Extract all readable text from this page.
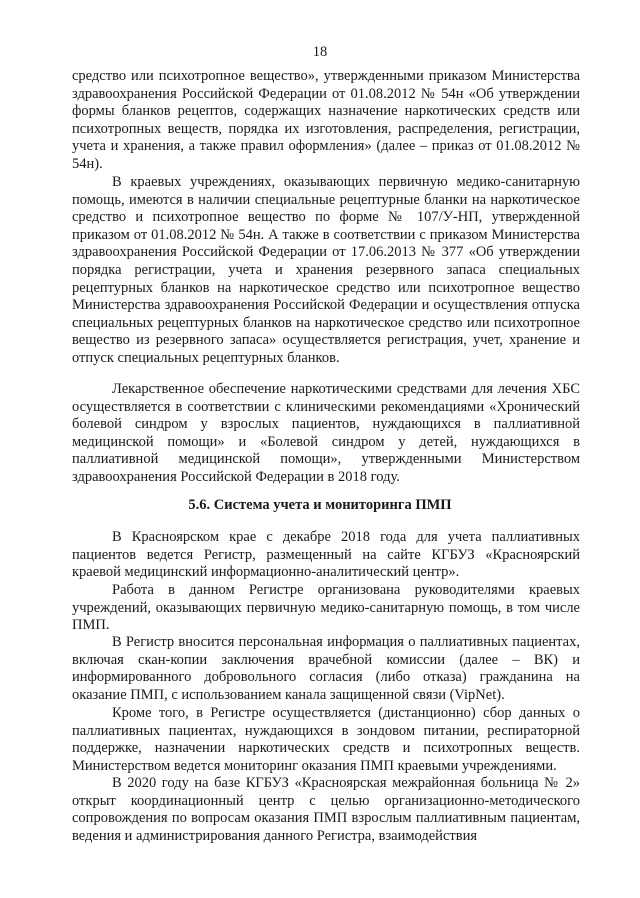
18

средство или психотропное вещество», утвержденными приказом Министерства здравоохранения Российской Федерации от 01.08.2012 № 54н «Об утверждении формы бланков рецептов, содержащих назначение наркотических средств или психотропных веществ, порядка их изготовления, распределения, регистрации, учета и хранения, а также правил оформления» (далее – приказ от 01.08.2012 № 54н).

В краевых учреждениях, оказывающих первичную медико-санитарную помощь, имеются в наличии специальные рецептурные бланки на наркотическое средство и психотропное вещество по форме № 107/У-НП, утвержденной приказом от 01.08.2012 № 54н. А также в соответствии с приказом Министерства здравоохранения Российской Федерации от 17.06.2013 № 377 «Об утверждении порядка регистрации, учета и хранения резервного запаса специальных рецептурных бланков на наркотическое средство или психотропное вещество Министерства здравоохранения Российской Федерации и осуществления отпуска специальных рецептурных бланков на наркотическое средство или психотропное вещество из резервного запаса» осуществляется регистрация, учет, хранение и отпуск специальных рецептурных бланков.

Лекарственное обеспечение наркотическими средствами для лечения ХБС осуществляется в соответствии с клиническими рекомендациями «Хронический болевой синдром у взрослых пациентов, нуждающихся в паллиативной медицинской помощи» и «Болевой синдром у детей, нуждающихся в паллиативной медицинской помощи», утвержденными Министерством здравоохранения Российской Федерации в 2018 году.

5.6. Система учета и мониторинга ПМП

В Красноярском крае с декабре 2018 года для учета паллиативных пациентов ведется Регистр, размещенный на сайте КГБУЗ «Красноярский краевой медицинский информационно-аналитический центр».

Работа в данном Регистре организована руководителями краевых учреждений, оказывающих первичную медико-санитарную помощь, в том числе ПМП.

В Регистр вносится персональная информация о паллиативных пациентах, включая скан-копии заключения врачебной комиссии (далее – ВК) и информированного добровольного согласия (либо отказа) гражданина на оказание ПМП, с использованием канала защищенной связи (VipNet).

Кроме того, в Регистре осуществляется (дистанционно) сбор данных о паллиативных пациентах, нуждающихся в зондовом питании, респираторной поддержке, назначении наркотических средств и психотропных веществ. Министерством ведется мониторинг оказания ПМП краевыми учреждениями.

В 2020 году на базе КГБУЗ «Красноярская межрайонная больница № 2» открыт координационный центр с целью организационно-методического сопровождения по вопросам оказания ПМП взрослым паллиативным пациентам, ведения и администрирования данного Регистра, взаимодействия
